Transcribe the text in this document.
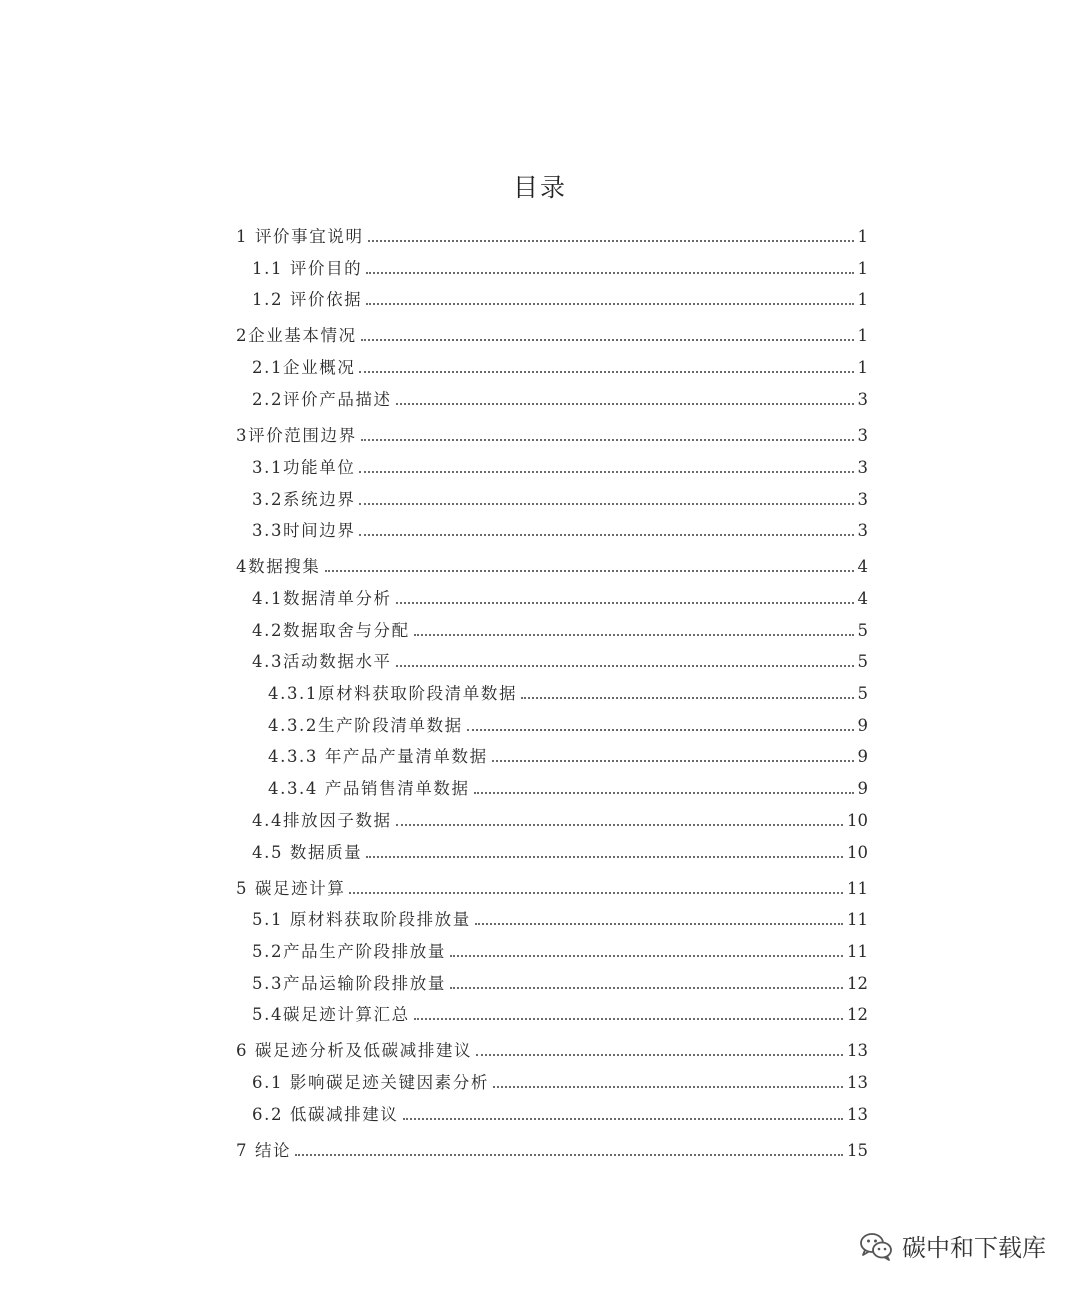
目录
1 评价事宜说明	1
1.1 评价目的	1
1.2 评价依据	1
2企业基本情况	1
2.1企业概况	1
2.2评价产品描述	3
3评价范围边界	3
3.1功能单位	3
3.2系统边界	3
3.3时间边界	3
4数据搜集	4
4.1数据清单分析	4
4.2数据取舍与分配	5
4.3活动数据水平	5
4.3.1原材料获取阶段清单数据	5
4.3.2生产阶段清单数据	9
4.3.3 年产品产量清单数据	9
4.3.4 产品销售清单数据	9
4.4排放因子数据	10
4.5 数据质量	10
5 碳足迹计算	11
5.1 原材料获取阶段排放量	11
5.2产品生产阶段排放量	11
5.3产品运输阶段排放量	12
5.4碳足迹计算汇总	12
6 碳足迹分析及低碳减排建议	13
6.1 影响碳足迹关键因素分析	13
6.2 低碳减排建议	13
7 结论	15
碳中和下载库
